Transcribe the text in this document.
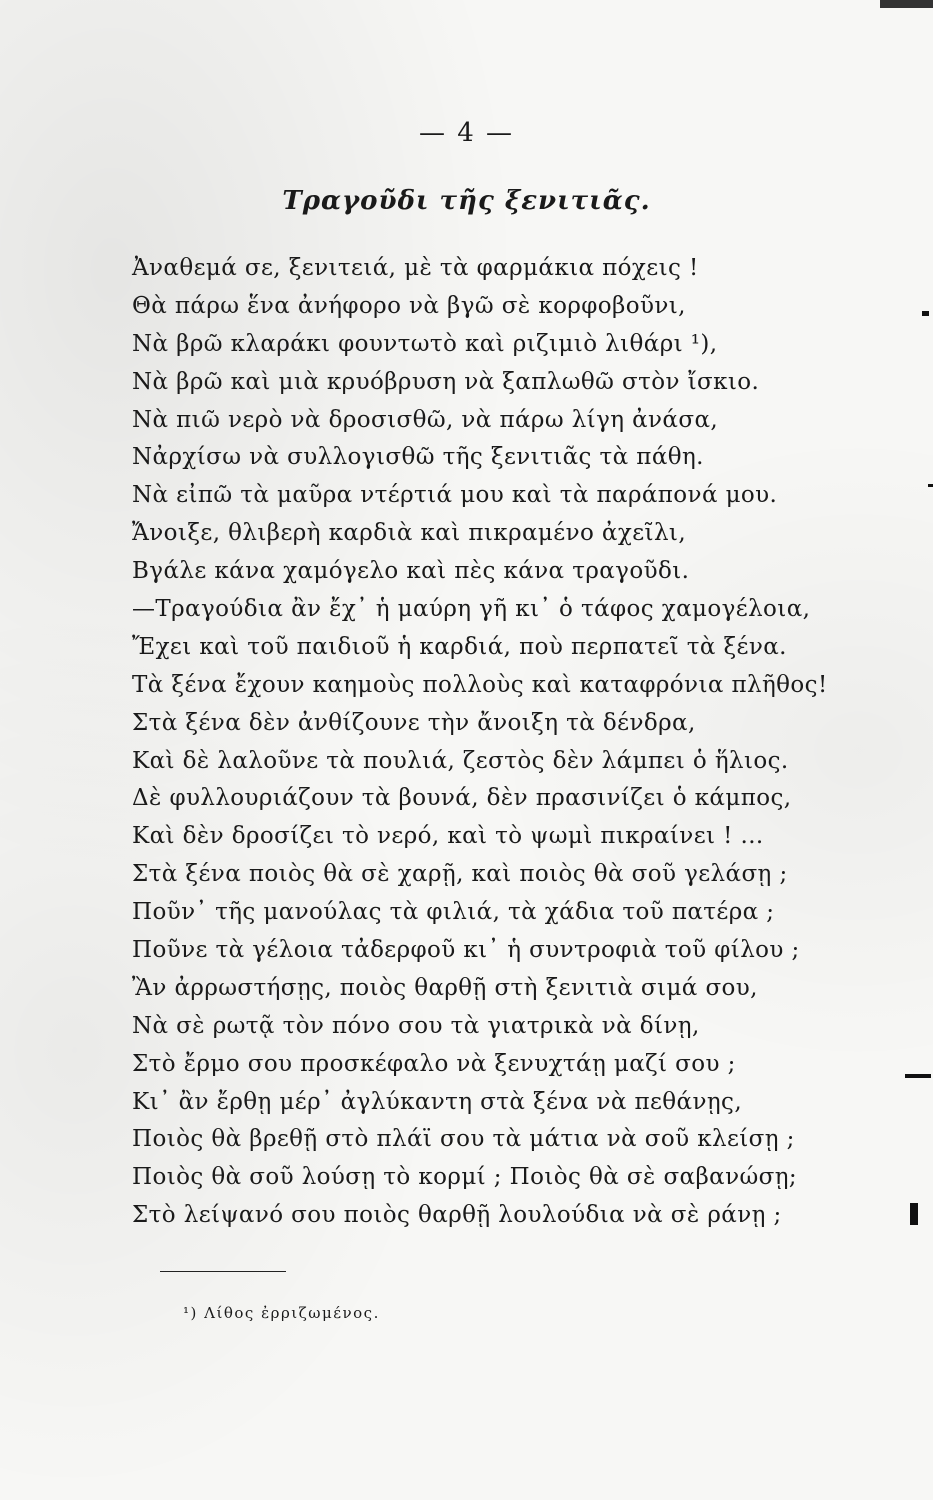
— 4 —
Τραγοῦδι τῆς ξενιτιᾶς.
Ἀναθεμά σε, ξενιτειά, μὲ τὰ φαρμάκια πόχεις !
Θὰ πάρω ἕνα ἀνήφορο νὰ βγῶ σὲ κορφοβοῦνι,
Νὰ βρῶ κλαράκι φουντωτὸ καὶ ριζιμιὸ λιθάρι ¹),
Νὰ βρῶ καὶ μιὰ κρυόβρυση νὰ ξαπλωθῶ στὸν ἴσκιο.
Νὰ πιῶ νερὸ νὰ δροσισθῶ, νὰ πάρω λίγη ἀνάσα,
Νἀρχίσω νὰ συλλογισθῶ τῆς ξενιτιᾶς τὰ πάθη.
Νὰ εἰπῶ τὰ μαῦρα ντέρτιά μου καὶ τὰ παράπονά μου.
Ἄνοιξε, θλιβερὴ καρδιὰ καὶ πικραμένο ἀχεῖλι,
Βγάλε κάνα χαμόγελο καὶ πὲς κάνα τραγοῦδι.
—Τραγούδια ἂν ἔχ᾽ ἡ μαύρη γῆ κι᾽ ὁ τάφος χαμογέλοια,
Ἔχει καὶ τοῦ παιδιοῦ ἡ καρδιά, ποὺ περπατεῖ τὰ ξένα.
Τὰ ξένα ἔχουν καημοὺς πολλοὺς καὶ καταφρόνια πλῆθος!
Στὰ ξένα δὲν ἀνθίζουνε τὴν ἄνοιξη τὰ δένδρα,
Καὶ δὲ λαλοῦνε τὰ πουλιά, ζεστὸς δὲν λάμπει ὁ ἥλιος.
Δὲ φυλλουριάζουν τὰ βουνά, δὲν πρασινίζει ὁ κάμπος,
Καὶ δὲν δροσίζει τὸ νερό, καὶ τὸ ψωμὶ πικραίνει ! ...
Στὰ ξένα ποιὸς θὰ σὲ χαρῇ, καὶ ποιὸς θὰ σοῦ γελάσῃ ;
Ποῦν᾽ τῆς μανούλας τὰ φιλιά, τὰ χάδια τοῦ πατέρα ;
Ποῦνε τὰ γέλοια τἀδερφοῦ κι᾽ ἡ συντροφιὰ τοῦ φίλου ;
Ἂν ἀρρωστήσῃς, ποιὸς θαρθῇ στὴ ξενιτιὰ σιμά σου,
Νὰ σὲ ρωτᾷ τὸν πόνο σου τὰ γιατρικὰ νὰ δίνῃ,
Στὸ ἔρμο σου προσκέφαλο νὰ ξενυχτάῃ μαζί σου ;
Κι᾽ ἂν ἔρθῃ μέρ᾽ ἀγλύκαντη στὰ ξένα νὰ πεθάνῃς,
Ποιὸς θὰ βρεθῇ στὸ πλάϊ σου τὰ μάτια νὰ σοῦ κλείσῃ ;
Ποιὸς θὰ σοῦ λούσῃ τὸ κορμί ; Ποιὸς θὰ σὲ σαβανώσῃ;
Στὸ λείψανό σου ποιὸς θαρθῇ λουλούδια νὰ σὲ ράνῃ ;
¹) Λίθος ἐρριζωμένος.
